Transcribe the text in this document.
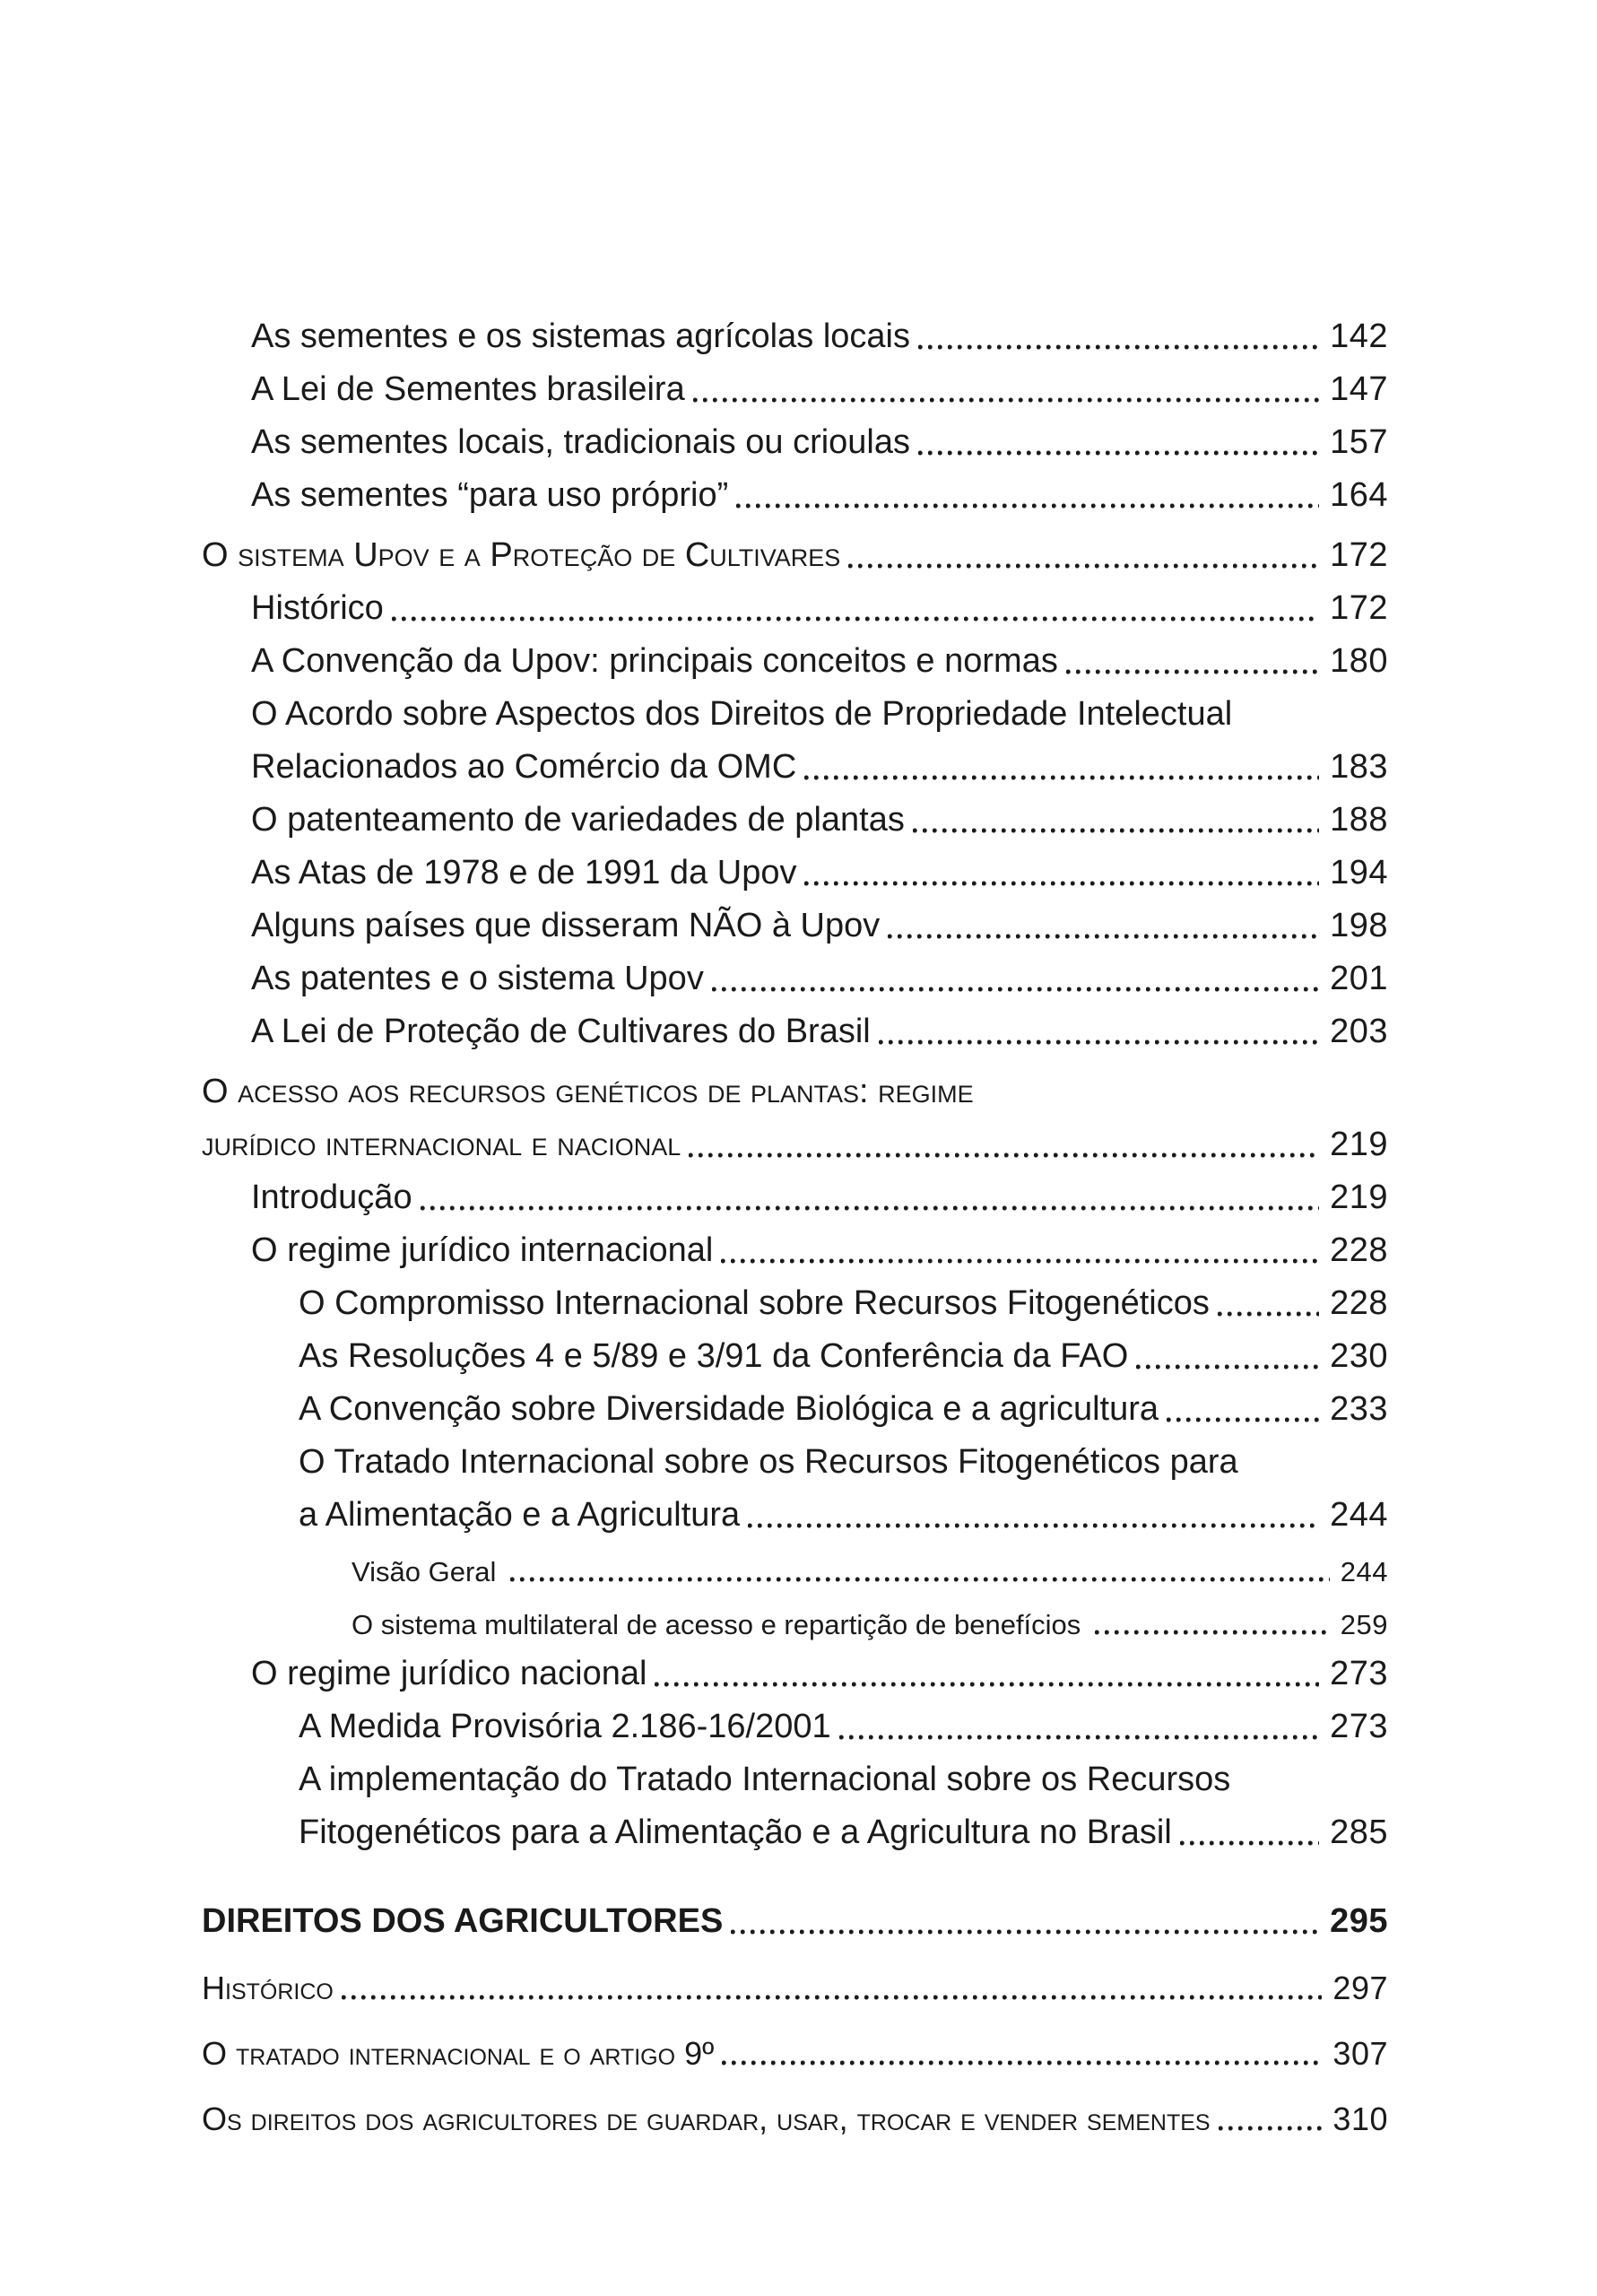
As sementes e os sistemas agrícolas locais	142
A Lei de Sementes brasileira	147
As sementes locais, tradicionais ou crioulas	157
As sementes “para uso próprio”	164
O sistema Upov e a Proteção de Cultivares	172
Histórico	172
A Convenção da Upov: principais conceitos e normas	180
O Acordo sobre Aspectos dos Direitos de Propriedade Intelectual
Relacionados ao Comércio da OMC	183
O patenteamento de variedades de plantas	188
As Atas de 1978 e de 1991 da Upov	194
Alguns países que disseram NÃO à Upov	198
As patentes e o sistema Upov	201
A Lei de Proteção de Cultivares do Brasil	203
O acesso aos recursos genéticos de plantas: regime
jurídico internacional e nacional	219
Introdução	219
O regime jurídico internacional	228
O Compromisso Internacional sobre Recursos Fitogenéticos	228
As Resoluções 4 e 5/89 e 3/91 da Conferência da FAO	230
A Convenção sobre Diversidade Biológica e a agricultura	233
O Tratado Internacional sobre os Recursos Fitogenéticos para
a Alimentação e a Agricultura	244
Visão Geral	244
O sistema multilateral de acesso e repartição de benefícios	259
O regime jurídico nacional	273
A Medida Provisória 2.186-16/2001	273
A implementação do Tratado Internacional sobre os Recursos
Fitogenéticos para a Alimentação e a Agricultura no Brasil	285
DIREITOS DOS AGRICULTORES	295
Histórico	297
O tratado internacional e o artigo 9º	307
Os direitos dos agricultores de guardar, usar, trocar e vender sementes	310
